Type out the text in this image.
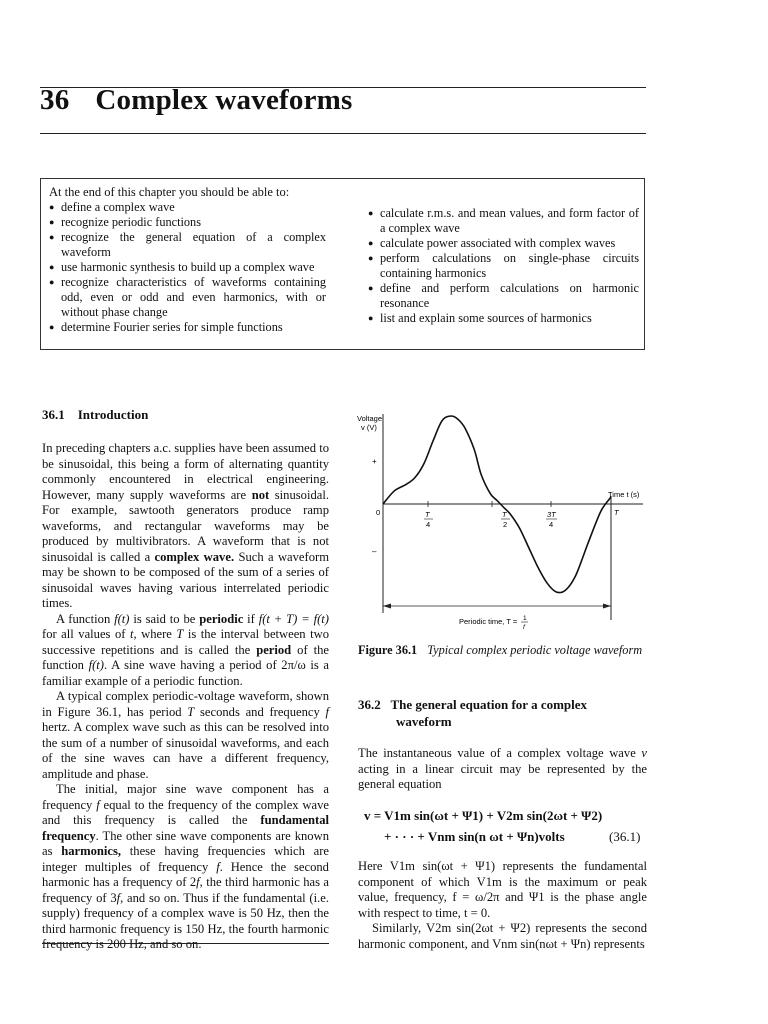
36 Complex waveforms
At the end of this chapter you should be able to:
● define a complex wave
● recognize periodic functions
● recognize the general equation of a complex waveform
● use harmonic synthesis to build up a complex wave
● recognize characteristics of waveforms containing odd, even or odd and even harmonics, with or without phase change
● determine Fourier series for simple functions
● calculate r.m.s. and mean values, and form factor of a complex wave
● calculate power associated with complex waves
● perform calculations on single-phase circuits containing harmonics
● define and perform calculations on harmonic resonance
● list and explain some sources of harmonics
36.1 Introduction

In preceding chapters a.c. supplies have been assumed to be sinusoidal, this being a form of alternating quantity commonly encountered in electrical engineering. However, many supply waveforms are not sinusoidal. For example, sawtooth generators produce ramp waveforms, and rectangular waveforms may be produced by multivibrators. A waveform that is not sinusoidal is called a complex wave. Such a waveform may be shown to be composed of the sum of a series of sinusoidal waves having various interrelated periodic times.

A function f(t) is said to be periodic if f(t + T) = f(t) for all values of t, where T is the interval between two successive repetitions and is called the period of the function f(t). A sine wave having a period of 2π/ω is a familiar example of a periodic function.

A typical complex periodic-voltage waveform, shown in Figure 36.1, has period T seconds and frequency f hertz. A complex wave such as this can be resolved into the sum of a number of sinusoidal waveforms, and each of the sine waves can have a different frequency, amplitude and phase.

The initial, major sine wave component has a frequency f equal to the frequency of the complex wave and this frequency is called the fundamental frequency. The other sine wave components are known as harmonics, these having frequencies which are integer multiples of frequency f. Hence the second harmonic has a frequency of 2f, the third harmonic has a frequency of 3f, and so on. Thus if the fundamental (i.e. supply) frequency of a complex wave is 50 Hz, then the third harmonic frequency is 150 Hz, the fourth harmonic frequency is 200 Hz, and so on.

Voltage
v (V)
Time t (s)
+
–
0	T
4
T
2
3T
4
T
Periodic time, T = 1
f
Figure 36.1 Typical complex periodic voltage waveform
36.2 The general equation for a complex
waveform

The instantaneous value of a complex voltage wave v acting in a linear circuit may be represented by the general equation

v = V1m sin(ωt + Ψ1) + V2m sin(2ωt + Ψ2)
+ · · · + Vnm sin(n ωt + Ψn)volts	(36.1)

Here V1m sin(ωt + Ψ1) represents the fundamental component of which V1m is the maximum or peak value, frequency, f = ω/2π and Ψ1 is the phase angle with respect to time, t = 0.

Similarly, V2m sin(2ωt + Ψ2) represents the second harmonic component, and Vnm sin(nωt + Ψn) represents
